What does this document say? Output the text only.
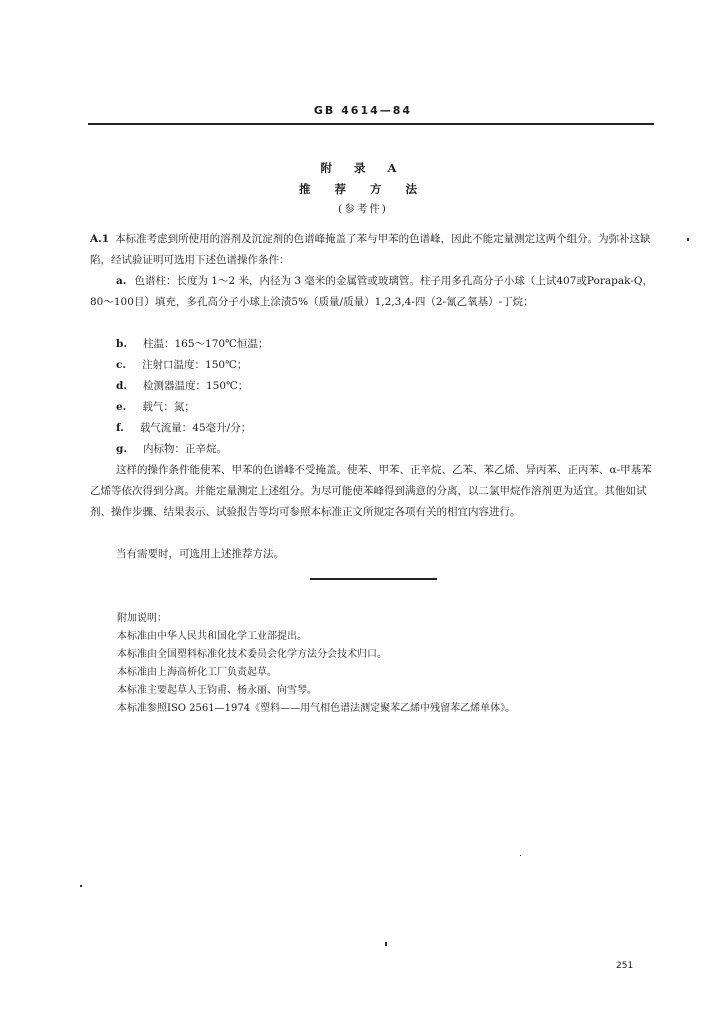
GB 4614—84
附 录 A
推 荐 方 法
(参考件)

A.1 本标准考虑到所使用的溶剂及沉淀剂的色谱峰掩盖了苯与甲苯的色谱峰，因此不能定量测定这两个组分。为弥补这缺陷，经试验证明可选用下述色谱操作条件：

a. 色谱柱：长度为 1～2 米，内径为 3 毫米的金属管或玻璃管。柱子用多孔高分子小球（上试407或Porapak-Q，80～100目）填充，多孔高分子小球上涂渍5%（质量/质量）1,2,3,4-四（2-氰乙氧基）-丁烷；

b. 柱温：165～170℃恒温；

c. 注射口温度：150℃；

d. 检测器温度：150℃；

e. 载气：氮；

f. 载气流量：45毫升/分；

g. 内标物：正辛烷。

这样的操作条件能使苯、甲苯的色谱峰不受掩盖。使苯、甲苯、正辛烷、乙苯、苯乙烯、异丙苯、正丙苯、α-甲基苯乙烯等依次得到分离。并能定量测定上述组分。为尽可能使苯峰得到满意的分离，以二氯甲烷作溶剂更为适宜。其他如试剂、操作步骤、结果表示、试验报告等均可参照本标准正文所规定各项有关的相宜内容进行。

当有需要时，可选用上述推荐方法。

附加说明：

本标准由中华人民共和国化学工业部提出。

本标准由全国塑料标准化技术委员会化学方法分会技术归口。

本标准由上海高桥化工厂负责起草。

本标准主要起草人王钧甫、杨永丽、向雪琴。

本标准参照ISO 2561—1974《塑料——用气相色谱法测定聚苯乙烯中残留苯乙烯单体》。

251
